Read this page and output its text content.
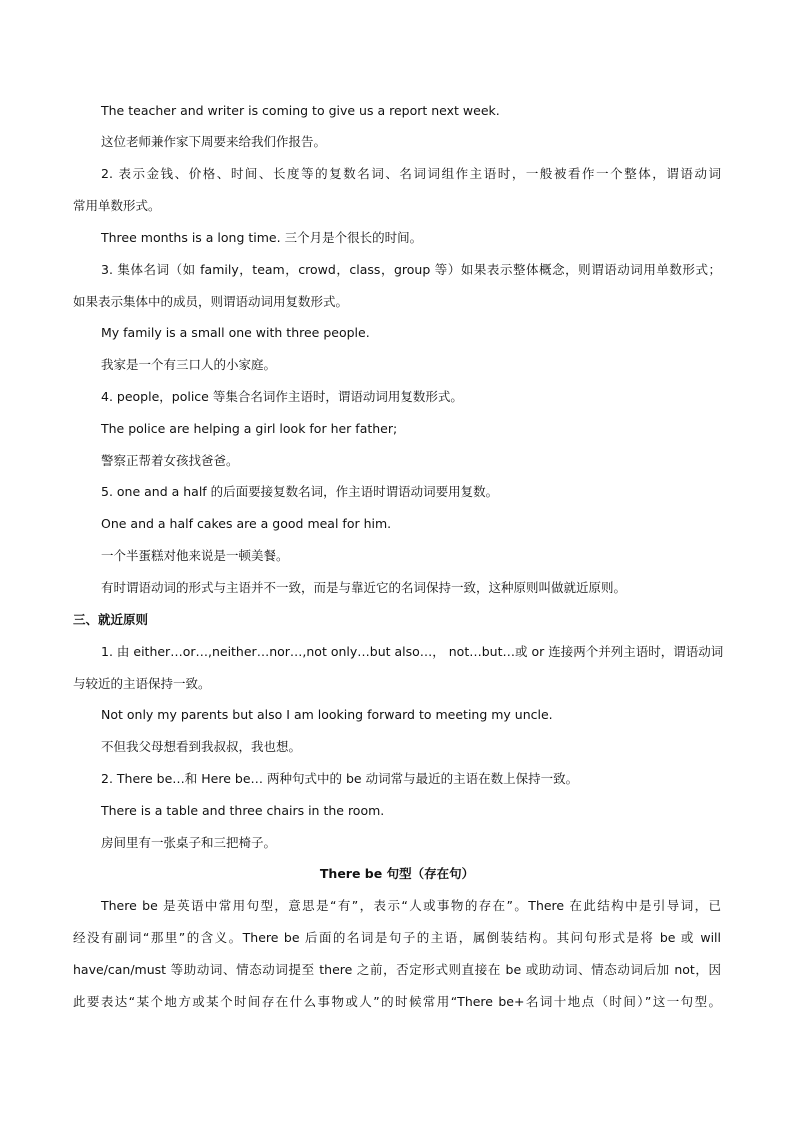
The teacher and writer is coming to give us a report next week.
这位老师兼作家下周要来给我们作报告。
2. 表示金钱、价格、时间、长度等的复数名词、名词词组作主语时，一般被看作一个整体，谓语动词
常用单数形式。
Three months is a long time. 三个月是个很长的时间。
3. 集体名词（如 family，team，crowd，class，group 等）如果表示整体概念，则谓语动词用单数形式；
如果表示集体中的成员，则谓语动词用复数形式。
My family is a small one with three people.
我家是一个有三口人的小家庭。
4. people，police 等集合名词作主语时，谓语动词用复数形式。
The police are helping a girl look for her father;
警察正帮着女孩找爸爸。
5. one and a half 的后面要接复数名词，作主语时谓语动词要用复数。
One and a half cakes are a good meal for him.
一个半蛋糕对他来说是一顿美餐。
有时谓语动词的形式与主语并不一致，而是与靠近它的名词保持一致，这种原则叫做就近原则。
三、就近原则
1. 由 either…or…,neither…nor…,not only…but also…， not…but…或 or 连接两个并列主语时，谓语动词
与较近的主语保持一致。
Not only my parents but also I am looking forward to meeting my uncle.
不但我父母想看到我叔叔，我也想。
2. There be…和 Here be… 两种句式中的 be 动词常与最近的主语在数上保持一致。
There is a table and three chairs in the room.
房间里有一张桌子和三把椅子。
There be 句型（存在句）
There be 是英语中常用句型，意思是“有”，表示“人或事物的存在”。There 在此结构中是引导词，已
经没有副词“那里”的含义。There be 后面的名词是句子的主语，属倒装结构。其问句形式是将 be 或 will
have/can/must 等助动词、情态动词提至 there 之前，否定形式则直接在 be 或助动词、情态动词后加 not，因
此要表达“某个地方或某个时间存在什么事物或人”的时候常用“There be+名词十地点（时间）”这一句型。
